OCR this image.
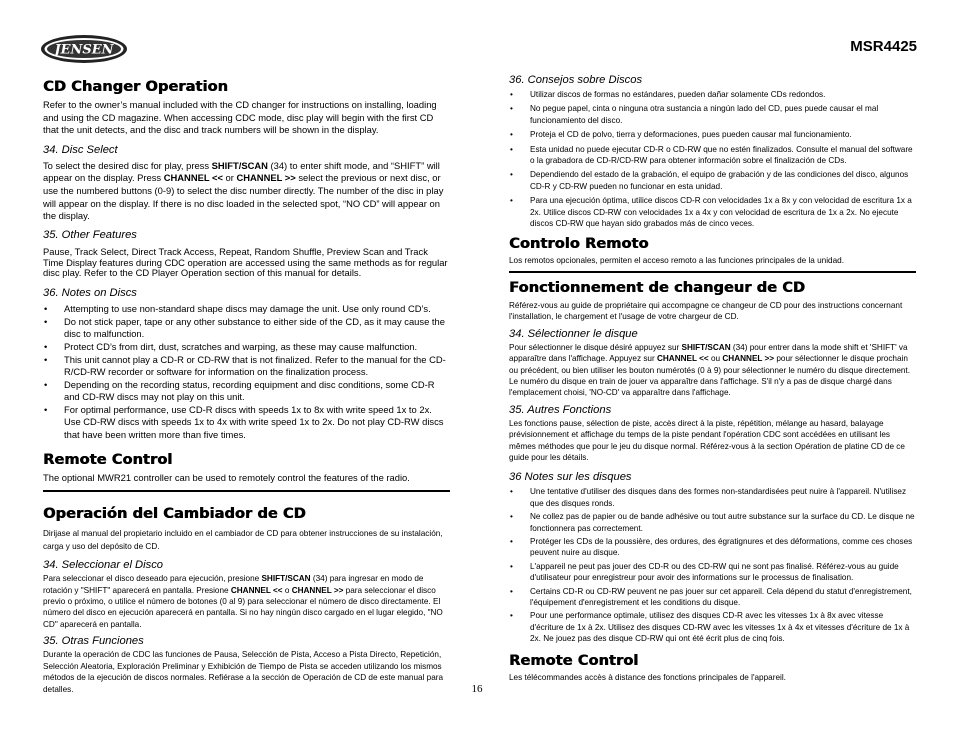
JENSEN	MSR4425
CD Changer Operation

Refer to the owner’s manual included with the CD changer for instructions on installing, loading and using the CD magazine. When accessing CDC mode, disc play will begin with the first CD that the unit detects, and the disc and track numbers will be shown in the display.

34. Disc Select

To select the desired disc for play, press SHIFT/SCAN (34) to enter shift mode, and “SHIFT” will appear on the display. Press CHANNEL << or CHANNEL >> select the previous or next disc, or use the numbered buttons (0-9) to select the disc number directly. The number of the disc in play will appear on the display. If there is no disc loaded in the selected spot, “NO CD” will appear on the display.

35. Other Features

Pause, Track Select, Direct Track Access, Repeat, Random Shuffle, Preview Scan and Track Time Display features during CDC operation are accessed using the same methods as for regular disc play. Refer to the CD Player Operation section of this manual for details.

36. Notes on Discs
• Attempting to use non-standard shape discs may damage the unit. Use only round CD’s.
• Do not stick paper, tape or any other substance to either side of the CD, as it may cause the disc to malfunction.
• Protect CD’s from dirt, dust, scratches and warping, as these may cause malfunction.
• This unit cannot play a CD-R or CD-RW that is not finalized. Refer to the manual for the CD-R/CD-RW recorder or software for information on the finalization process.
• Depending on the recording status, recording equipment and disc conditions, some CD-R and CD-RW discs may not play on this unit.
• For optimal performance, use CD-R discs with speeds 1x to 8x with write speed 1x to 2x. Use CD-RW discs with speeds 1x to 4x with write speed 1x to 2x. Do not play CD-RW discs that have been written more than five times.
Remote Control

The optional MWR21 controller can be used to remotely control the features of the radio.

Operación del Cambiador de CD

Dirijase al manual del propietario incluido en el cambiador de CD para obtener instrucciones de su instalación, carga y uso del depósito de CD.

34. Seleccionar el Disco

Para seleccionar el disco deseado para ejecución, presione SHIFT/SCAN (34) para ingresar en modo de rotación y "SHIFT" aparecerá en pantalla. Presione CHANNEL << o CHANNEL >> para seleccionar el disco previo o próximo, o utilice el número de botones (0 al 9) para seleccionar el número de disco directamente. El número del disco en ejecución aparecerá en pantalla. Si no hay ningún disco cargado en el lugar elegido, "NO CD" aparecerá en pantalla.

35. Otras Funciones

Durante la operación de CDC las funciones de Pausa, Selección de Pista, Acceso a Pista Directo, Repetición, Selección Aleatoria, Exploración Preliminar y Exhibición de Tiempo de Pista se acceden utilizando los mismos métodos de la ejecución de discos normales. Refiérase a la sección de Operación de CD de este manual para detalles.

36. Consejos sobre Discos
• Utilizar discos de formas no estándares, pueden dañar solamente CDs redondos.
• No pegue papel, cinta o ninguna otra sustancia a ningún lado del CD, pues puede causar el mal funcionamiento del disco.
• Proteja el CD de polvo, tierra y deformaciones, pues pueden causar mal funcionamiento.
• Esta unidad no puede ejecutar CD-R o CD-RW que no estén finalizados. Consulte el manual del software o la grabadora de CD-R/CD-RW para obtener información sobre el finalización de CDs.
• Dependiendo del estado de la grabación, el equipo de grabación y de las condiciones del disco, algunos CD-R y CD-RW pueden no funcionar en esta unidad.
• Para una ejecución óptima, utilice discos CD-R con velocidades 1x a 8x y con velocidad de escritura 1x a 2x. Utilice discos CD-RW con velocidades 1x a 4x y con velocidad de escritura de 1x a 2x. No ejecute discos CD-RW que hayan sido grabados más de cinco veces.
Controlo Remoto

Los remotos opcionales, permiten el acceso remoto a las funciones principales de la unidad.

Fonctionnement de changeur de CD

Référez-vous au guide de propriétaire qui accompagne ce changeur de CD pour des instructions concernant l'installation, le chargement et l'usage de votre chargeur de CD.

34. Sélectionner le disque

Pour sélectionner le disque désiré appuyez sur SHIFT/SCAN (34) pour entrer dans la mode shift et 'SHIFT' va apparaître dans l'affichage. Appuyez sur CHANNEL << ou CHANNEL >> pour sélectionner le disque prochain ou précédent, ou bien utiliser les bouton numérotés (0 à 9) pour sélectionner le numéro du disque directement. Le numéro du disque en train de jouer va apparaître dans l'affichage. S'il n'y a pas de disque chargé dans l'emplacement choisi, 'NO-CD' va apparaître dans l'affichage.

35. Autres Fonctions

Les fonctions pause, sélection de piste, accès direct à la piste, répétition, mélange au hasard, balayage prévisionnement et affichage du temps de la piste pendant l'opération CDC sont accédées en utilisant les mêmes méthodes que pour le jeu du disque normal. Référez-vous à la section Opération de platine CD de ce guide pour les détails.

36 Notes sur les disques
• Une tentative d'utiliser des disques dans des formes non-standardisées peut nuire à l'appareil. N'utilisez que des disques ronds.
• Ne collez pas de papier ou de bande adhésive ou tout autre substance sur la surface du CD. Le disque ne fonctionnera pas correctement.
• Protéger les CDs de la poussière, des ordures, des égratignures et des déformations, comme ces choses peuvent nuire au disque.
• L'appareil ne peut pas jouer des CD-R ou des CD-RW qui ne sont pas finalisé. Référez-vous au guide d'utilisateur pour enregistreur pour avoir des informations sur le processus de finalisation.
• Certains CD-R ou CD-RW peuvent ne pas jouer sur cet appareil. Cela dépend du statut d'enregistrement, l'équipement d'enregistrement et les conditions du disque.
• Pour une performance optimale, utilisez des disques CD-R avec les vitesses 1x à 8x avec vitesse d'écriture de 1x à 2x. Utilisez des disques CD-RW avec les vitesses 1x à 4x et vitesses d'écriture de 1x à 2x. Ne jouez pas des disque CD-RW qui ont été écrit plus de cinq fois.
Remote Control

Les télécommandes accès à distance des fonctions principales de l'appareil.

16
